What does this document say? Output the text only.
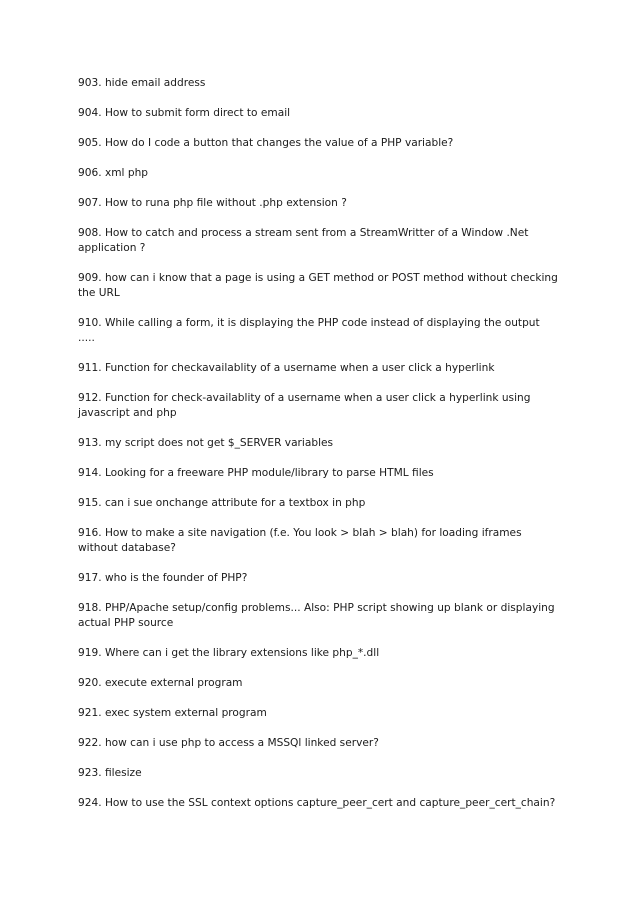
903. hide email address
904. How to submit form direct to email
905. How do I code a button that changes the value of a PHP variable?
906. xml php
907. How to runa php file without .php extension ?
908. How to catch and process a stream sent from a StreamWritter of a Window .Net application ?
909. how can i know that a page is using a GET method or POST method without checking the URL
910. While calling a form, it is displaying the PHP code instead of displaying the output .....
911. Function for checkavailablity of a username when a user click a hyperlink
912. Function for check-availablity of a username when a user click a hyperlink using javascript and php
913. my script does not get $_SERVER variables
914. Looking for a freeware PHP module/library to parse HTML files
915. can i sue onchange attribute for a textbox in php
916. How to make a site navigation (f.e. You look > blah > blah) for loading iframes without database?
917. who is the founder of PHP?
918. PHP/Apache setup/config problems... Also: PHP script showing up blank or displaying actual PHP source
919. Where can i get the library extensions like php_*.dll
920. execute external program
921. exec system external program
922. how can i use php to access a MSSQl linked server?
923. filesize
924. How to use the SSL context options capture_peer_cert and capture_peer_cert_chain?
